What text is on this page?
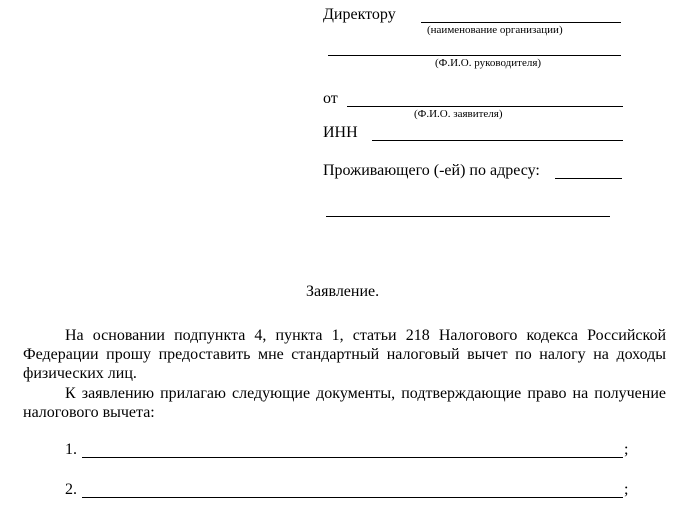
Директору
(наименование организации)
(Ф.И.О. руководителя)
от
(Ф.И.О. заявителя)
ИНН
Проживающего (-ей) по адресу:
Заявление.
На основании подпункта 4, пункта 1, статьи 218 Налогового кодекса Российской Федерации прошу предоставить мне стандартный налоговый вычет по налогу на доходы физических лиц.
К заявлению прилагаю следующие документы, подтверждающие право на получение налогового вычета:
1.	;
2.	;
